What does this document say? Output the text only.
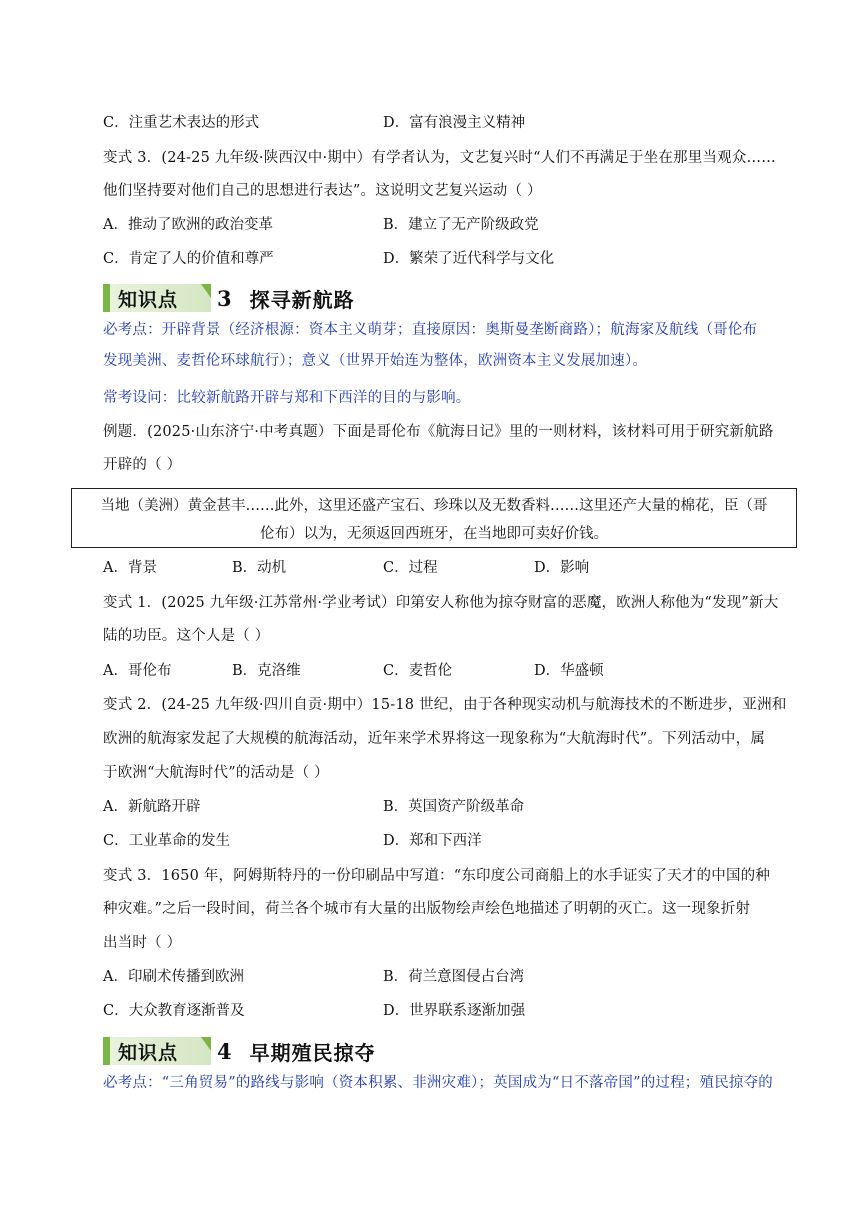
C．注重艺术表达的形式	D．富有浪漫主义精神
变式 3．(24-25 九年级·陕西汉中·期中）有学者认为，文艺复兴时“人们不再满足于坐在那里当观众……
他们坚持要对他们自己的思想进行表达”。这说明文艺复兴运动（ ）
A．推动了欧洲的政治变革	B．建立了无产阶级政党
C．肯定了人的价值和尊严	D．繁荣了近代科学与文化
知识点 3 探寻新航路
必考点：开辟背景（经济根源：资本主义萌芽；直接原因：奥斯曼垄断商路）；航海家及航线（哥伦布
发现美洲、麦哲伦环球航行）；意义（世界开始连为整体，欧洲资本主义发展加速）。
常考设问：比较新航路开辟与郑和下西洋的目的与影响。
例题．(2025·山东济宁·中考真题）下面是哥伦布《航海日记》里的一则材料，该材料可用于研究新航路
开辟的（ ）
当地（美洲）黄金甚丰……此外，这里还盛产宝石、珍珠以及无数香料……这里还产大量的棉花，臣（哥
伦布）以为，无须返回西班牙，在当地即可卖好价钱。
A．背景	B．动机	C．过程	D．影响
变式 1．(2025 九年级·江苏常州·学业考试）印第安人称他为掠夺财富的恶魔，欧洲人称他为“发现”新大
陆的功臣。这个人是（ ）
A．哥伦布	B．克洛维	C．麦哲伦	D．华盛顿
变式 2．(24-25 九年级·四川自贡·期中）15-18 世纪，由于各种现实动机与航海技术的不断进步，亚洲和
欧洲的航海家发起了大规模的航海活动，近年来学术界将这一现象称为“大航海时代”。下列活动中，属
于欧洲“大航海时代”的活动是（ ）
A．新航路开辟	B．英国资产阶级革命
C．工业革命的发生	D．郑和下西洋
变式 3．1650 年，阿姆斯特丹的一份印刷品中写道：“东印度公司商船上的水手证实了天才的中国的种
种灾难。”之后一段时间，荷兰各个城市有大量的出版物绘声绘色地描述了明朝的灭亡。这一现象折射
出当时（ ）
A．印刷术传播到欧洲	B．荷兰意图侵占台湾
C．大众教育逐渐普及	D．世界联系逐渐加强
知识点 4 早期殖民掠夺
必考点：“三角贸易”的路线与影响（资本积累、非洲灾难）；英国成为“日不落帝国”的过程；殖民掠夺的
